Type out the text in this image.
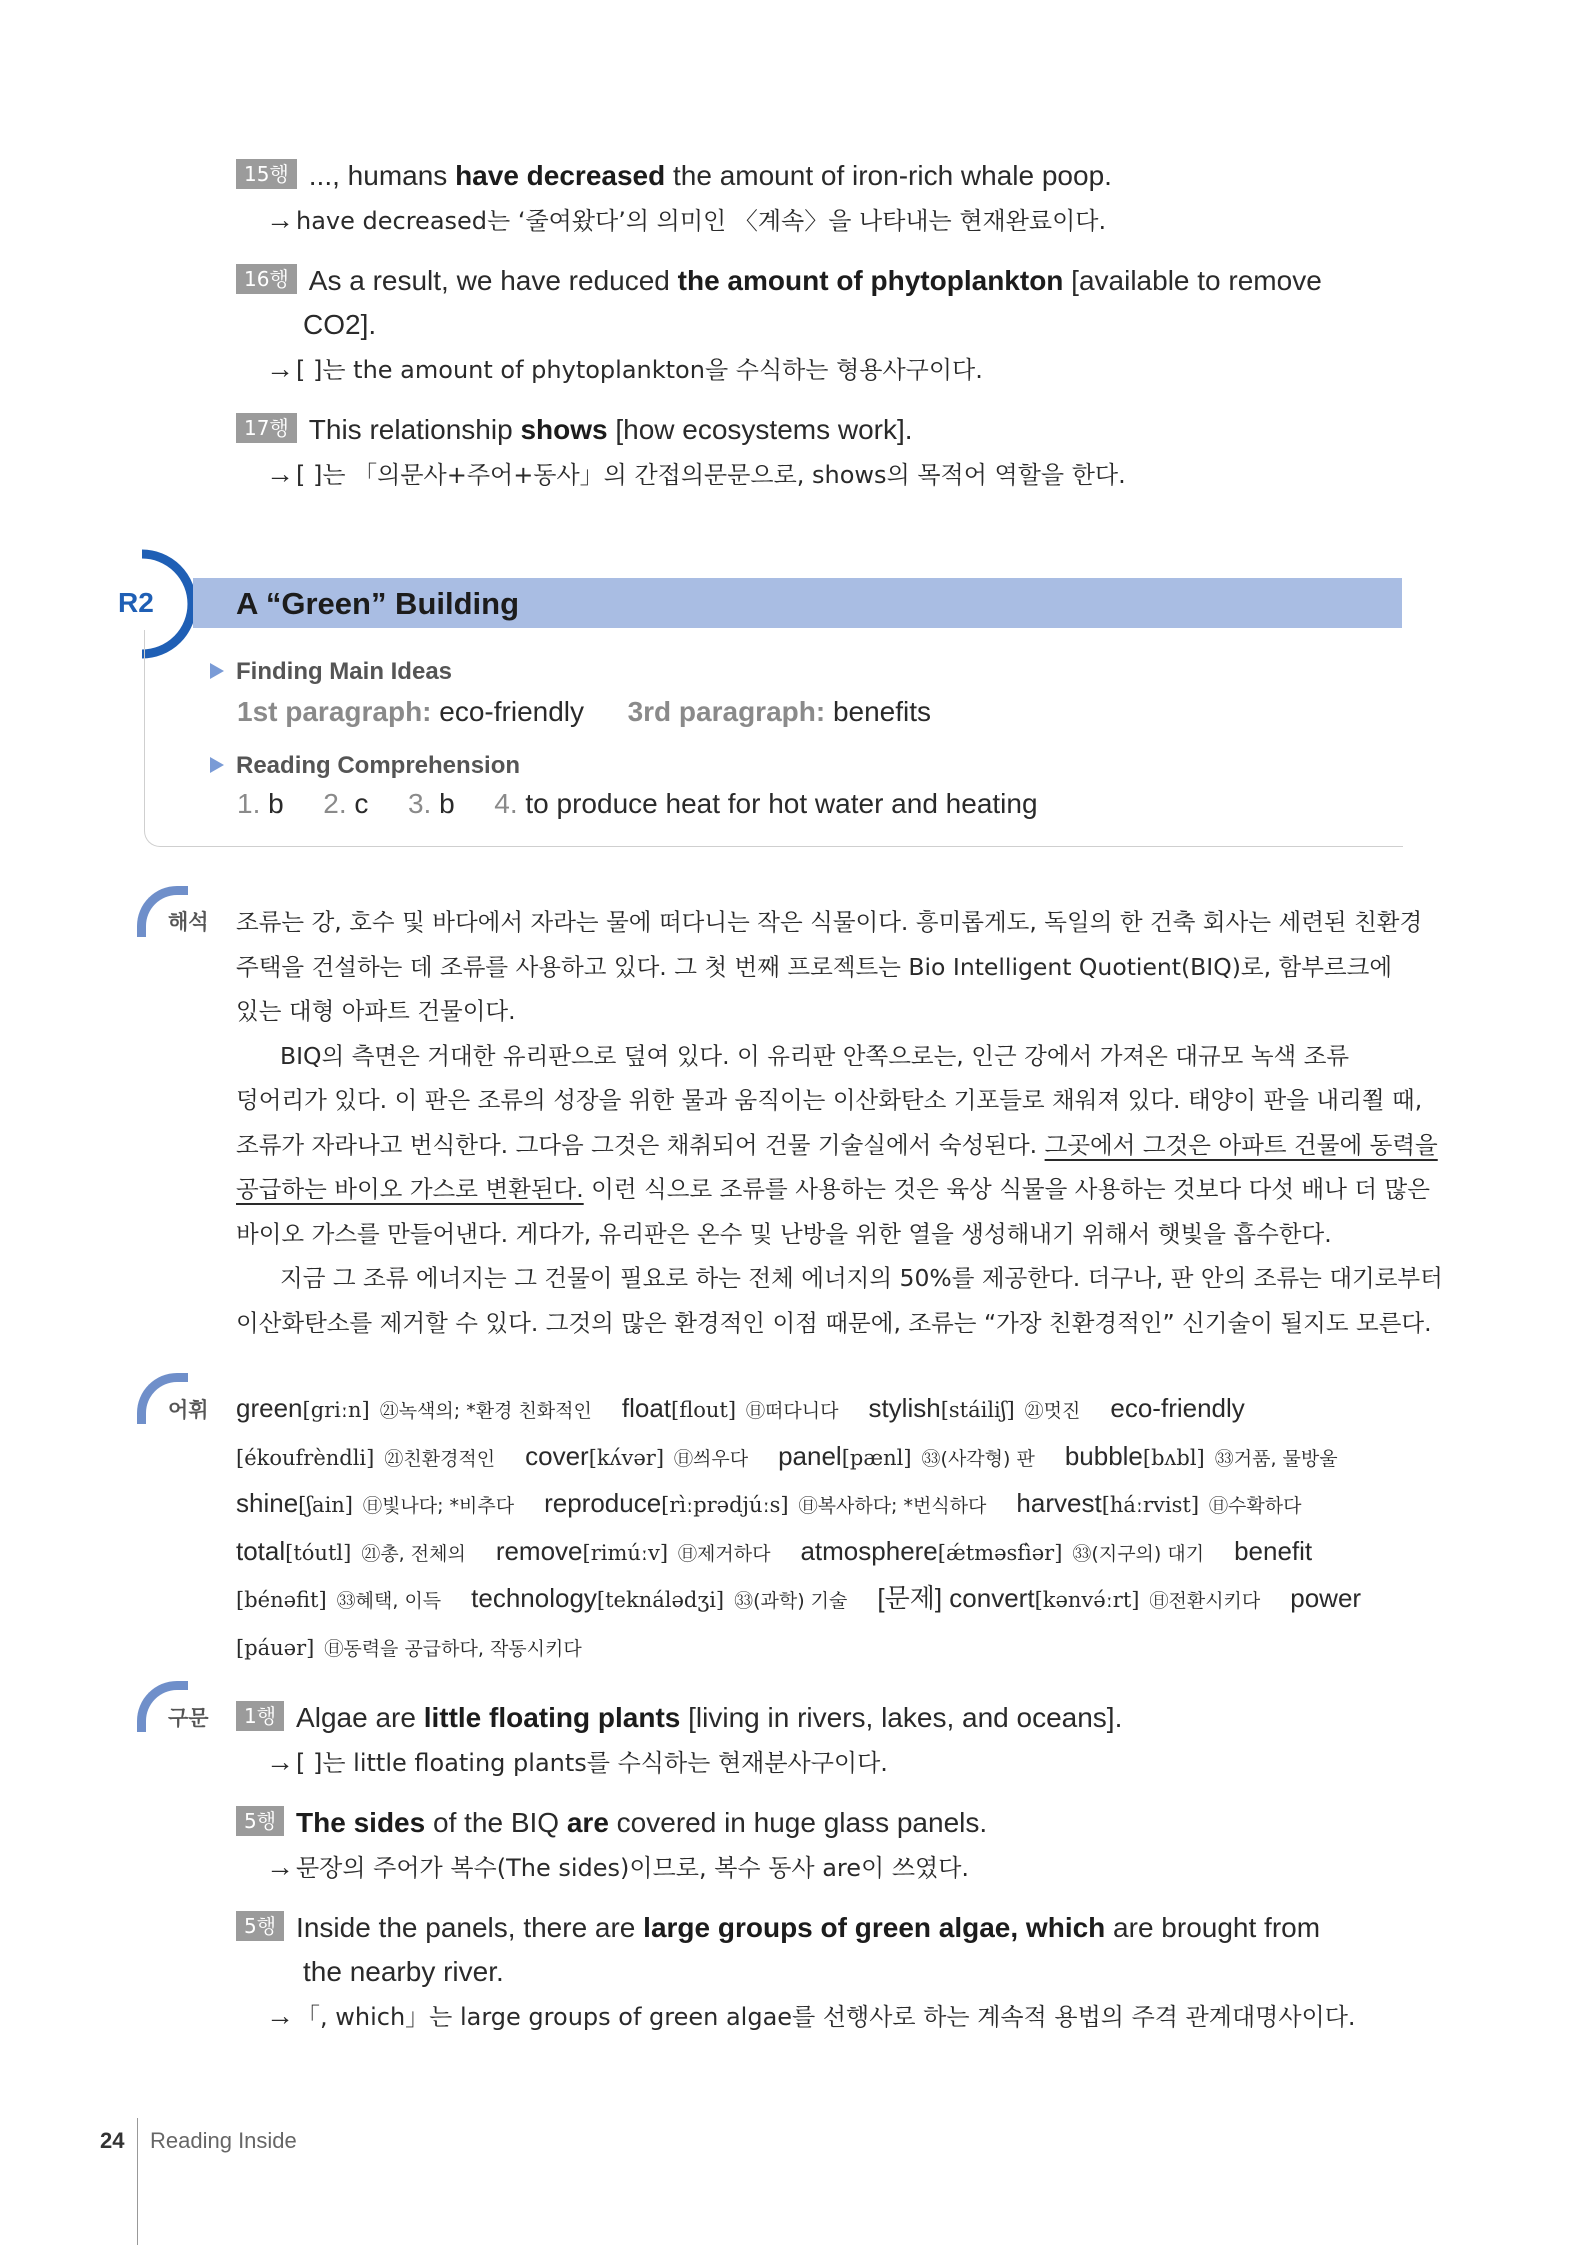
15행 ..., humans have decreased the amount of iron-rich whale poop.
→have decreased는 ‘줄여왔다’의 의미인 〈계속〉을 나타내는 현재완료이다.
16행 As a result, we have reduced the amount of phytoplankton [available to remove
CO2].
→[ ]는 the amount of phytoplankton을 수식하는 형용사구이다.
17행 This relationship shows [how ecosystems work].
→[ ]는 「의문사+주어+동사」의 간접의문문으로, shows의 목적어 역할을 한다.
R2	A “Green” Building
Finding Main Ideas
1st paragraph: eco-friendly 3rd paragraph: benefits
Reading Comprehension
1. b 2. c 3. b 4. to produce heat for hot water and heating
해석 조류는 강, 호수 및 바다에서 자라는 물에 떠다니는 작은 식물이다. 흥미롭게도, 독일의 한 건축 회사는 세련된 친환경
주택을 건설하는 데 조류를 사용하고 있다. 그 첫 번째 프로젝트는 Bio Intelligent Quotient(BIQ)로, 함부르크에
있는 대형 아파트 건물이다.
BIQ의 측면은 거대한 유리판으로 덮여 있다. 이 유리판 안쪽으로는, 인근 강에서 가져온 대규모 녹색 조류
덩어리가 있다. 이 판은 조류의 성장을 위한 물과 움직이는 이산화탄소 기포들로 채워져 있다. 태양이 판을 내리쬘 때,
조류가 자라나고 번식한다. 그다음 그것은 채취되어 건물 기술실에서 숙성된다. 그곳에서 그것은 아파트 건물에 동력을
공급하는 바이오 가스로 변환된다. 이런 식으로 조류를 사용하는 것은 육상 식물을 사용하는 것보다 다섯 배나 더 많은
바이오 가스를 만들어낸다. 게다가, 유리판은 온수 및 난방을 위한 열을 생성해내기 위해서 햇빛을 흡수한다.
지금 그 조류 에너지는 그 건물이 필요로 하는 전체 에너지의 50%를 제공한다. 더구나, 판 안의 조류는 대기로부터
이산화탄소를 제거할 수 있다. 그것의 많은 환경적인 이점 때문에, 조류는 “가장 친환경적인” 신기술이 될지도 모른다.
어휘 green[griːn] ㉑녹색의; *환경 친화적인 float[flout] ㊐떠다니다 stylish[stáiliʃ] ㉑멋진 eco-friendly
[ékoufrèndli] ㉑친환경적인 cover[kʌ́vər] ㊐씌우다 panel[pænl] ㉝(사각형) 판 bubble[bʌbl] ㉝거품, 물방울
shine[ʃain] ㊐빛나다; *비추다 reproduce[rìːprədjúːs] ㊐복사하다; *번식하다 harvest[háːrvist] ㊐수확하다
total[tóutl] ㉑총, 전체의 remove[rimúːv] ㊐제거하다 atmosphere[ǽtməsfìər] ㉝(지구의) 대기 benefit
[bénəfit] ㉝혜택, 이득 technology[teknálədʒi] ㉝(과학) 기술 [문제] convert[kənvə́ːrt] ㊐전환시키다 power
[páuər] ㊐동력을 공급하다, 작동시키다
구문	1행 Algae are little floating plants [living in rivers, lakes, and oceans].
→[ ]는 little floating plants를 수식하는 현재분사구이다.
5행 The sides of the BIQ are covered in huge glass panels.
→문장의 주어가 복수(The sides)이므로, 복수 동사 are이 쓰였다.
5행 Inside the panels, there are large groups of green algae, which are brought from
the nearby river.
→「, which」는 large groups of green algae를 선행사로 하는 계속적 용법의 주격 관계대명사이다.
24 Reading Inside
